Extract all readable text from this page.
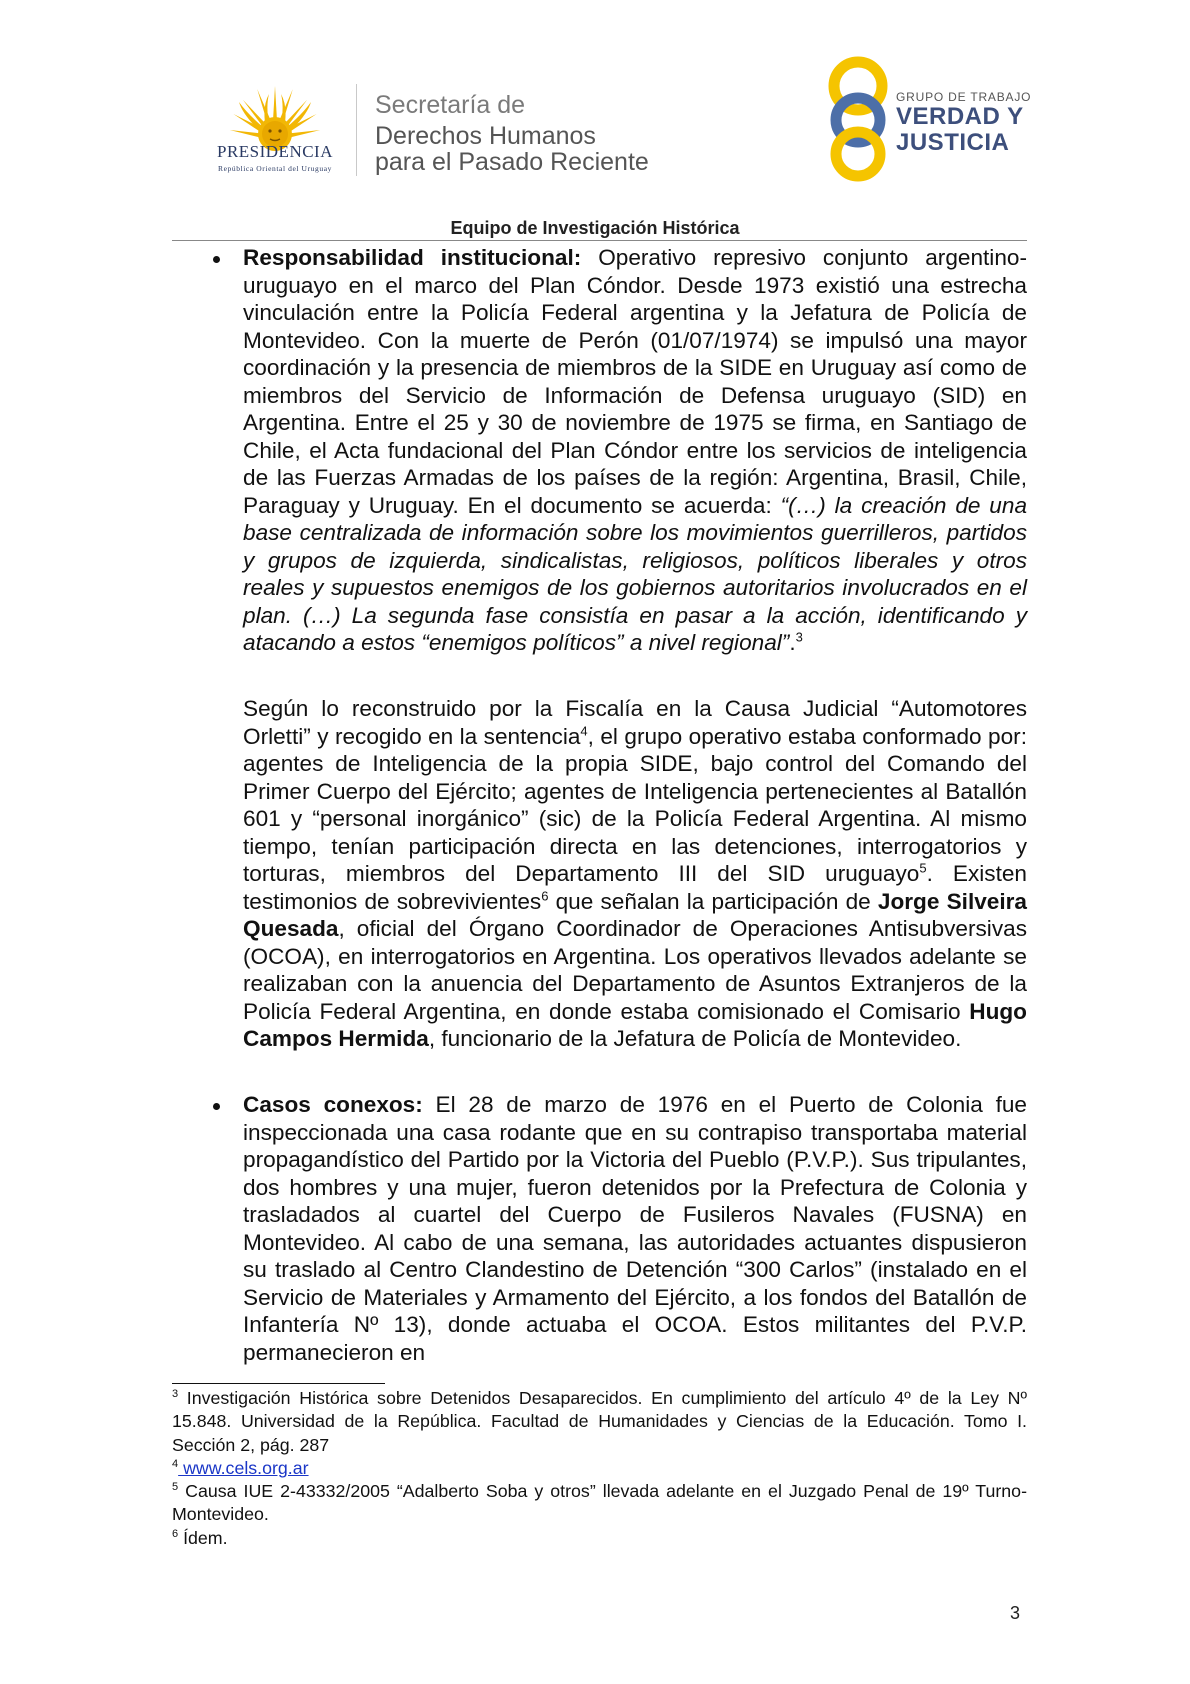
PRESIDENCIA
República Oriental del Uruguay
Secretaría de
Derechos Humanos
para el Pasado Reciente
GRUPO DE TRABAJO
VERDAD Y
JUSTICIA
Equipo de Investigación Histórica
Responsabilidad institucional: Operativo represivo conjunto argentino-uruguayo en el marco del Plan Cóndor. Desde 1973 existió una estrecha vinculación entre la Policía Federal argentina y la Jefatura de Policía de Montevideo. Con la muerte de Perón (01/07/1974) se impulsó una mayor coordinación y la presencia de miembros de la SIDE en Uruguay así como de miembros del Servicio de Información de Defensa uruguayo (SID) en Argentina. Entre el 25 y 30 de noviembre de 1975 se firma, en Santiago de Chile, el Acta fundacional del Plan Cóndor entre los servicios de inteligencia de las Fuerzas Armadas de los países de la región: Argentina, Brasil, Chile, Paraguay y Uruguay. En el documento se acuerda: “(…) la creación de una base centralizada de información sobre los movimientos guerrilleros, partidos y grupos de izquierda, sindicalistas, religiosos, políticos liberales y otros reales y supuestos enemigos de los gobiernos autoritarios involucrados en el plan. (…) La segunda fase consistía en pasar a la acción, identificando y atacando a estos “enemigos políticos” a nivel regional”.$^3$
Según lo reconstruido por la Fiscalía en la Causa Judicial “Automotores Orletti” y recogido en la sentencia$^4$, el grupo operativo estaba conformado por: agentes de Inteligencia de la propia SIDE, bajo control del Comando del Primer Cuerpo del Ejército; agentes de Inteligencia pertenecientes al Batallón 601 y “personal inorgánico” (sic) de la Policía Federal Argentina. Al mismo tiempo, tenían participación directa en las detenciones, interrogatorios y torturas, miembros del Departamento III del SID uruguayo$^5$. Existen testimonios de sobrevivientes$^6$ que señalan la participación de Jorge Silveira Quesada, oficial del Órgano Coordinador de Operaciones Antisubversivas (OCOA), en interrogatorios en Argentina. Los operativos llevados adelante se realizaban con la anuencia del Departamento de Asuntos Extranjeros de la Policía Federal Argentina, en donde estaba comisionado el Comisario Hugo Campos Hermida, funcionario de la Jefatura de Policía de Montevideo.
Casos conexos: El 28 de marzo de 1976 en el Puerto de Colonia fue inspeccionada una casa rodante que en su contrapiso transportaba material propagandístico del Partido por la Victoria del Pueblo (P.V.P.). Sus tripulantes, dos hombres y una mujer, fueron detenidos por la Prefectura de Colonia y trasladados al cuartel del Cuerpo de Fusileros Navales (FUSNA) en Montevideo. Al cabo de una semana, las autoridades actuantes dispusieron su traslado al Centro Clandestino de Detención “300 Carlos” (instalado en el Servicio de Materiales y Armamento del Ejército, a los fondos del Batallón de Infantería Nº 13), donde actuaba el OCOA. Estos militantes del P.V.P. permanecieron en
$^3$ Investigación Histórica sobre Detenidos Desaparecidos. En cumplimiento del artículo 4º de la Ley Nº 15.848. Universidad de la República. Facultad de Humanidades y Ciencias de la Educación. Tomo I. Sección 2, pág. 287
$^4$ www.cels.org.ar
$^5$ Causa IUE 2-43332/2005 “Adalberto Soba y otros” llevada adelante en el Juzgado Penal de 19º Turno-Montevideo.
$^6$ Ídem.
3
